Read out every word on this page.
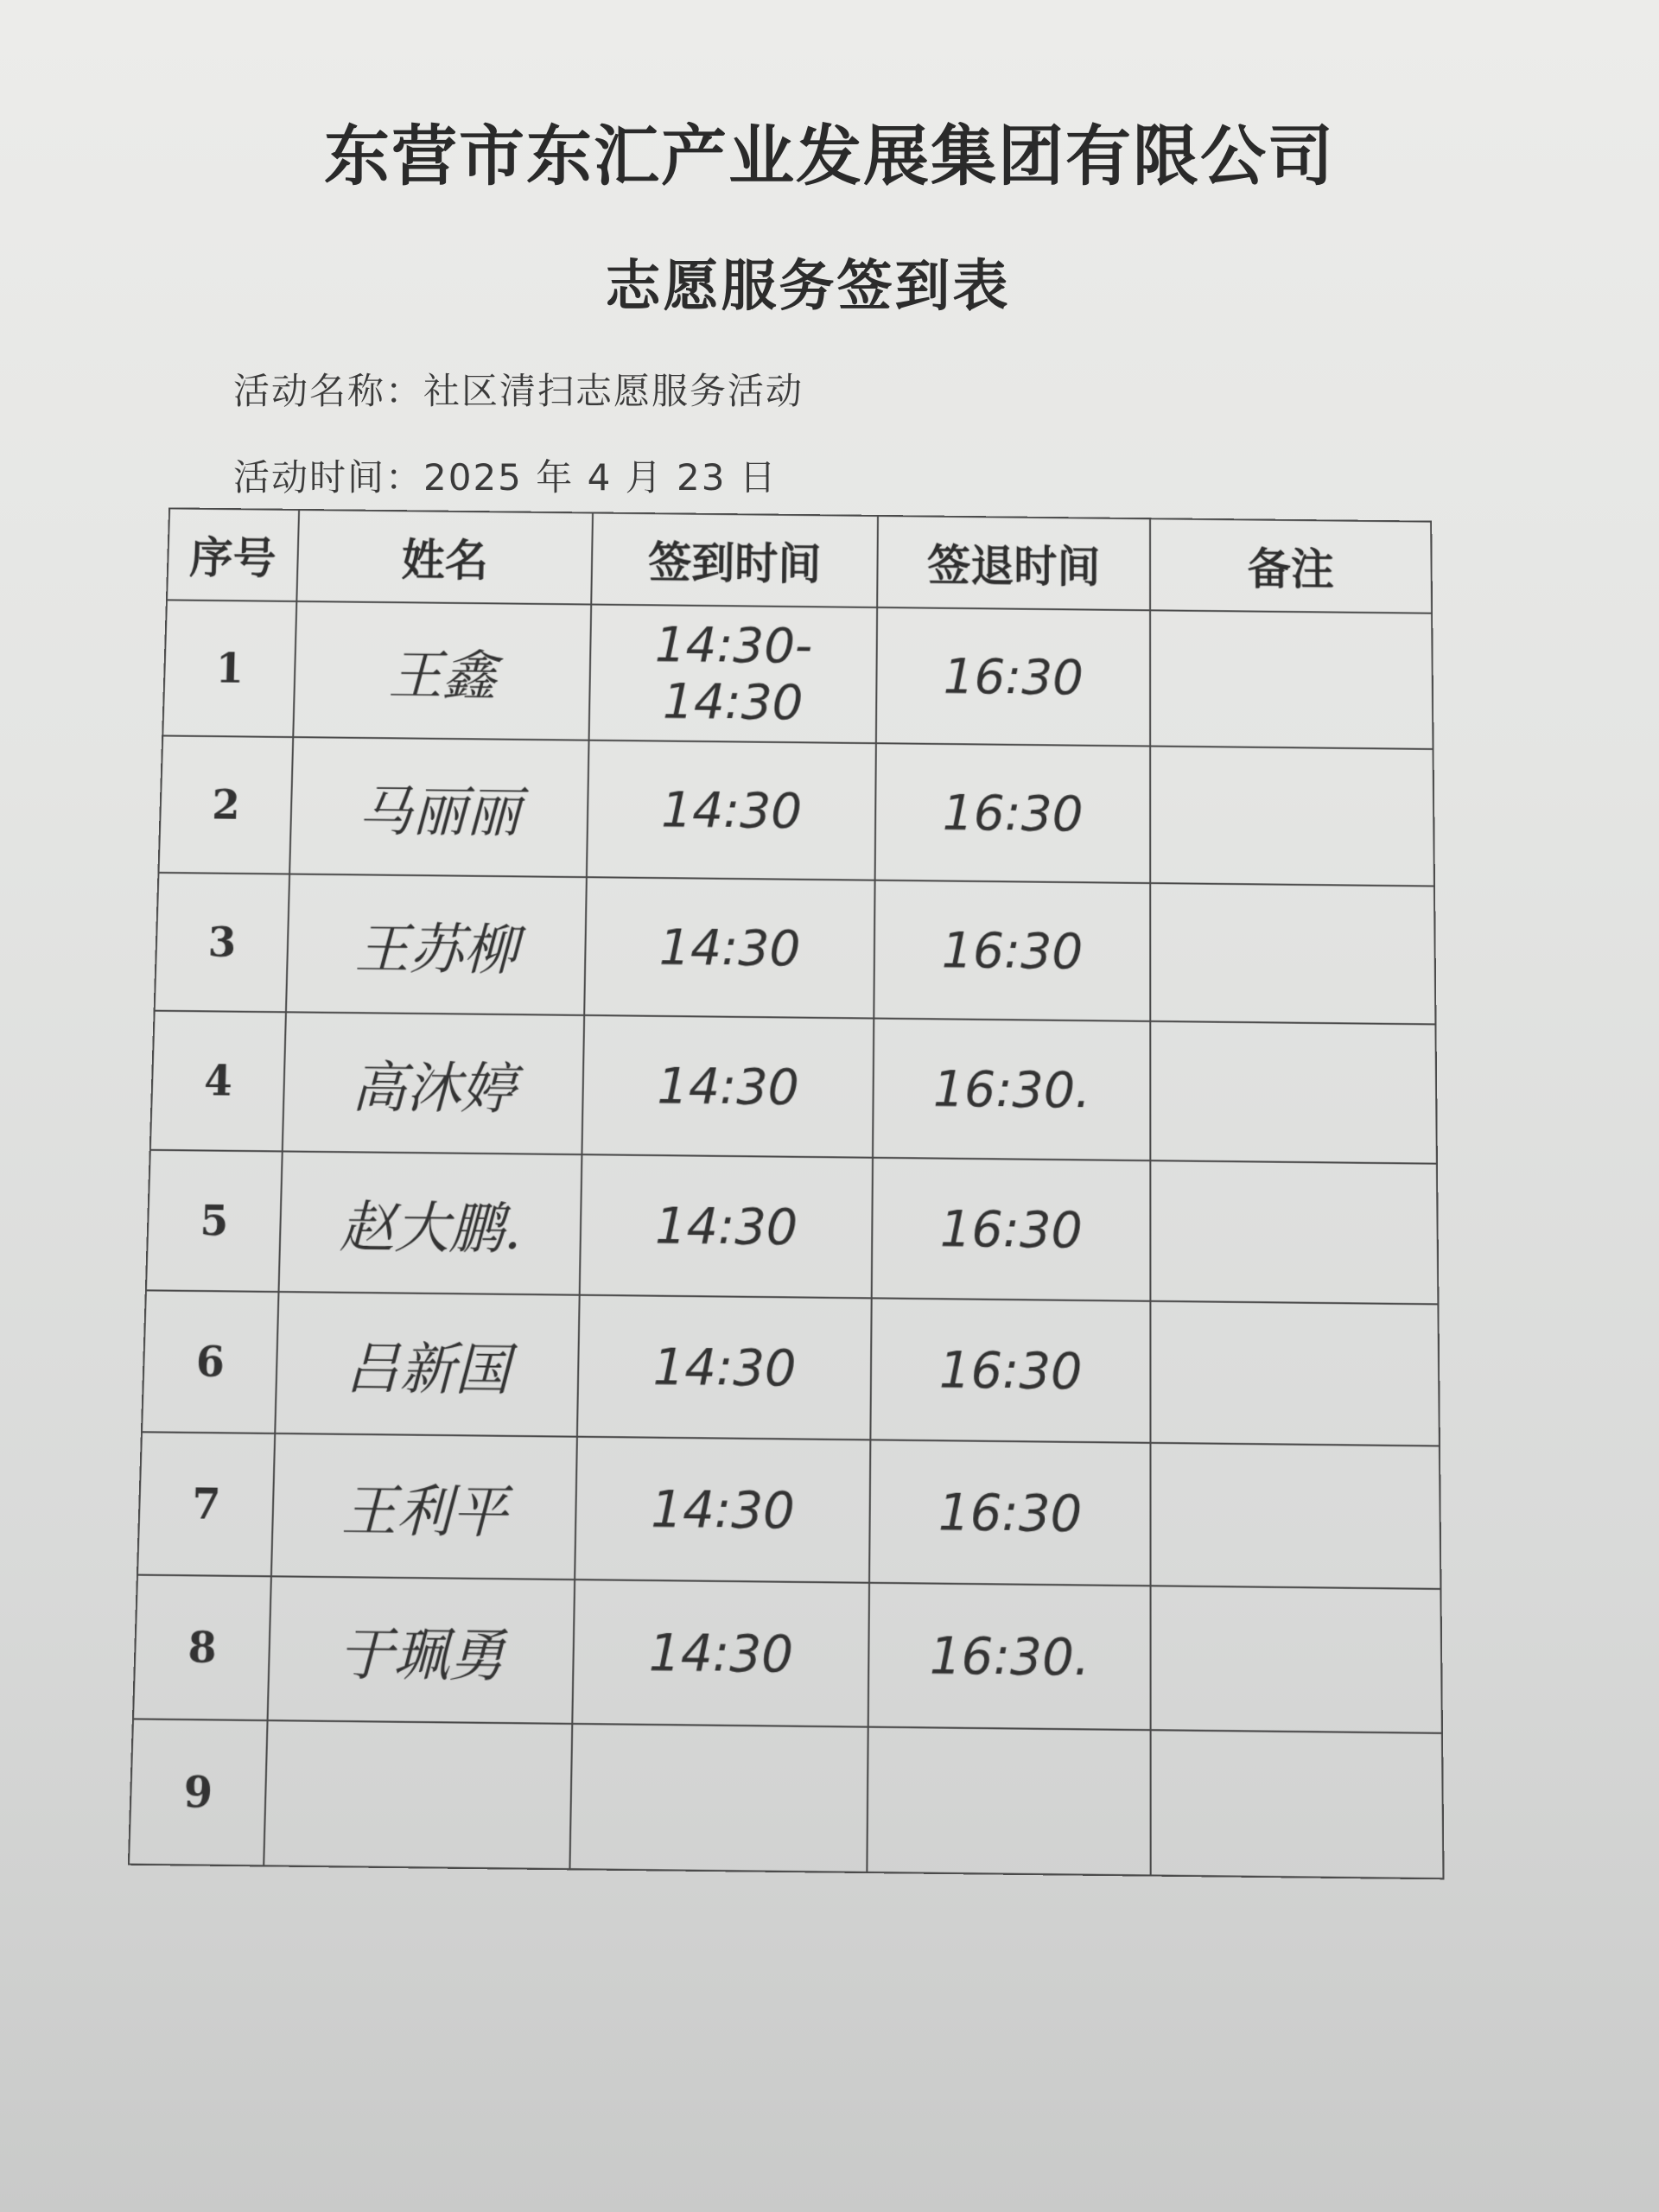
东营市东汇产业发展集团有限公司
志愿服务签到表
活动名称：社区清扫志愿服务活动
活动时间：2025 年 4 月 23 日
序号	姓名	签到时间	签退时间	备注
1	王鑫	14:30-14:30	16:30	
2	马丽丽	14:30	16:30	
3	王苏柳	14:30	16:30	
4	高沐婷	14:30	16:30.	
5	赵大鹏.	14:30	16:30	
6	吕新国	14:30	16:30	
7	王利平	14:30	16:30	
8	于珮勇	14:30	16:30.	
9				
